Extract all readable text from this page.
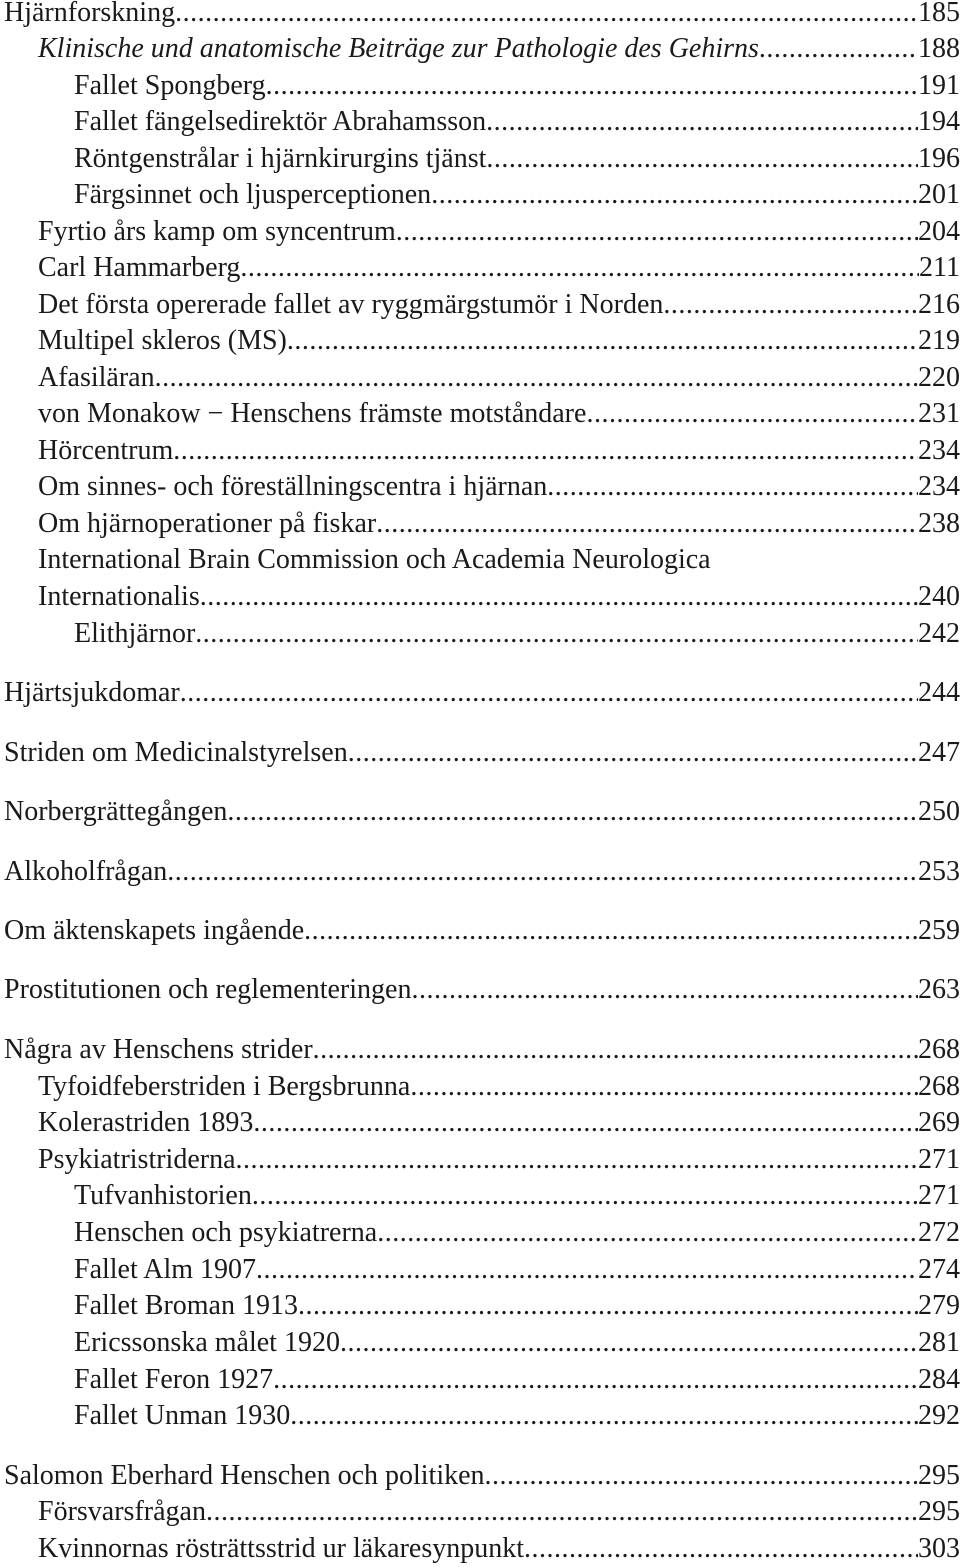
Hjärnforskning .....	185
Klinische und anatomische Beiträge zur Pathologie des Gehirns .....	188
Fallet Spongberg .....	191
Fallet fängelsedirektör Abrahamsson .....	194
Röntgenstrålar i hjärnkirurgins tjänst .....	196
Färgsinnet och ljusperceptionen .....	201
Fyrtio års kamp om syncentrum .....	204
Carl Hammarberg .....	211
Det första opererade fallet av ryggmärgstumör i Norden .....	216
Multipel skleros (MS) .....	219
Afasiläran .....	220
von Monakow − Henschens främste motståndare .....	231
Hörcentrum .....	234
Om sinnes- och föreställningscentra i hjärnan .....	234
Om hjärnoperationer på fiskar .....	238
International Brain Commission och Academia Neurologica
Internationalis .....	240
Elithjärnor .....	242
Hjärtsjukdomar .....	244
Striden om Medicinalstyrelsen .....	247
Norbergrättegången .....	250
Alkoholfrågan .....	253
Om äktenskapets ingående .....	259
Prostitutionen och reglementeringen .....	263
Några av Henschens strider .....	268
Tyfoidfeberstriden i Bergsbrunna .....	268
Kolerastriden 1893 .....	269
Psykiatristriderna .....	271
Tufvanhistorien .....	271
Henschen och psykiatrerna .....	272
Fallet Alm 1907 .....	274
Fallet Broman 1913 .....	279
Ericssonska målet 1920 .....	281
Fallet Feron 1927 .....	284
Fallet Unman 1930 .....	292
Salomon Eberhard Henschen och politiken .....	295
Försvarsfrågan .....	295
Kvinnornas rösträttsstrid ur läkaresynpunkt .....	303
